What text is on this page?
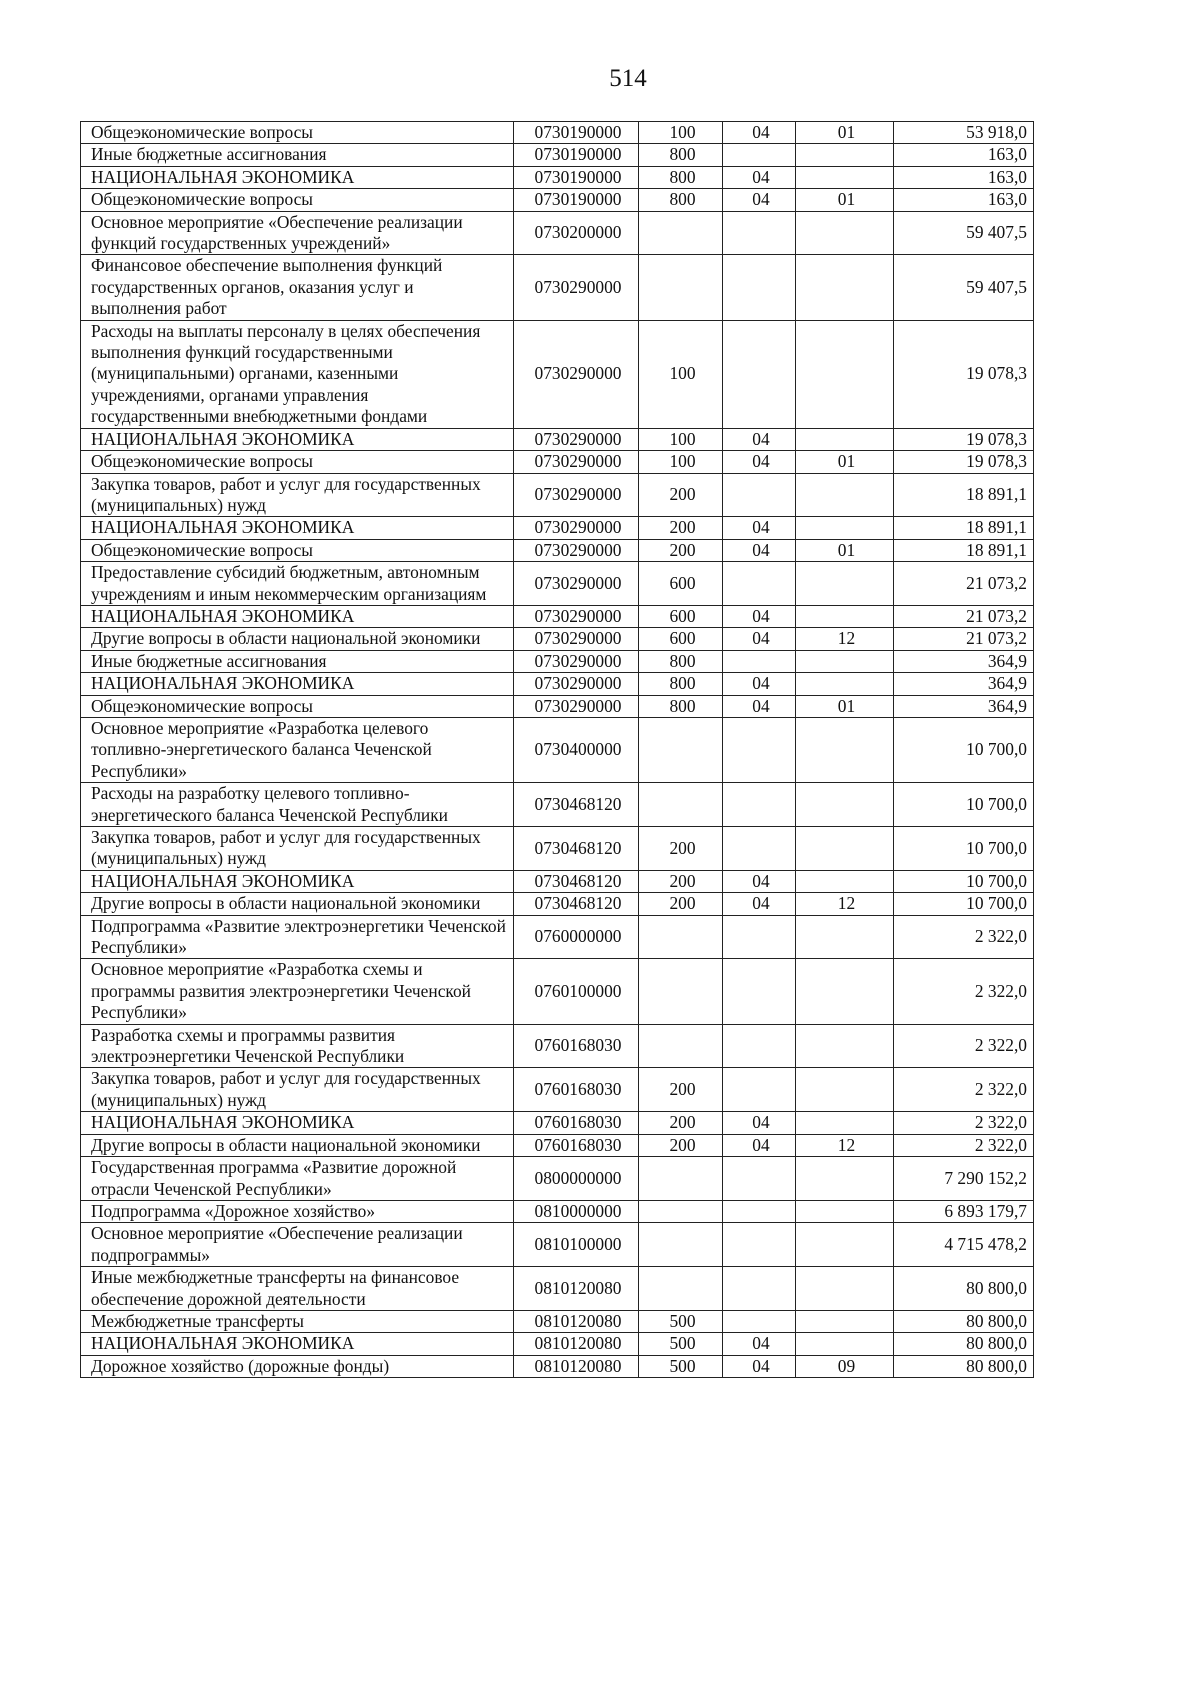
514
Общеэкономические вопросы	0730190000	100	04	01	53 918,0
Иные бюджетные ассигнования	0730190000	800			163,0
НАЦИОНАЛЬНАЯ ЭКОНОМИКА	0730190000	800	04		163,0
Общеэкономические вопросы	0730190000	800	04	01	163,0
Основное мероприятие «Обеспечение реализации функций государственных учреждений»	0730200000				59 407,5
Финансовое обеспечение выполнения функций государственных органов, оказания услуг и выполнения работ	0730290000				59 407,5
Расходы на выплаты персоналу в целях обеспечения выполнения функций государственными (муниципальными) органами, казенными учреждениями, органами управления государственными внебюджетными фондами	0730290000	100			19 078,3
НАЦИОНАЛЬНАЯ ЭКОНОМИКА	0730290000	100	04		19 078,3
Общеэкономические вопросы	0730290000	100	04	01	19 078,3
Закупка товаров, работ и услуг для государственных (муниципальных) нужд	0730290000	200			18 891,1
НАЦИОНАЛЬНАЯ ЭКОНОМИКА	0730290000	200	04		18 891,1
Общеэкономические вопросы	0730290000	200	04	01	18 891,1
Предоставление субсидий бюджетным, автономным учреждениям и иным некоммерческим организациям	0730290000	600			21 073,2
НАЦИОНАЛЬНАЯ ЭКОНОМИКА	0730290000	600	04		21 073,2
Другие вопросы в области национальной экономики	0730290000	600	04	12	21 073,2
Иные бюджетные ассигнования	0730290000	800			364,9
НАЦИОНАЛЬНАЯ ЭКОНОМИКА	0730290000	800	04		364,9
Общеэкономические вопросы	0730290000	800	04	01	364,9
Основное мероприятие «Разработка целевого топливно-энергетического баланса Чеченской Республики»	0730400000				10 700,0
Расходы на разработку целевого топливно-энергетического баланса Чеченской Республики	0730468120				10 700,0
Закупка товаров, работ и услуг для государственных (муниципальных) нужд	0730468120	200			10 700,0
НАЦИОНАЛЬНАЯ ЭКОНОМИКА	0730468120	200	04		10 700,0
Другие вопросы в области национальной экономики	0730468120	200	04	12	10 700,0
Подпрограмма «Развитие электроэнергетики Чеченской Республики»	0760000000				2 322,0
Основное мероприятие «Разработка схемы и программы развития электроэнергетики Чеченской Республики»	0760100000				2 322,0
Разработка схемы и программы развития электроэнергетики Чеченской Республики	0760168030				2 322,0
Закупка товаров, работ и услуг для государственных (муниципальных) нужд	0760168030	200			2 322,0
НАЦИОНАЛЬНАЯ ЭКОНОМИКА	0760168030	200	04		2 322,0
Другие вопросы в области национальной экономики	0760168030	200	04	12	2 322,0
Государственная программа «Развитие дорожной отрасли Чеченской Республики»	0800000000				7 290 152,2
Подпрограмма «Дорожное хозяйство»	0810000000				6 893 179,7
Основное мероприятие «Обеспечение реализации подпрограммы»	0810100000				4 715 478,2
Иные межбюджетные трансферты на финансовое обеспечение дорожной деятельности	0810120080				80 800,0
Межбюджетные трансферты	0810120080	500			80 800,0
НАЦИОНАЛЬНАЯ ЭКОНОМИКА	0810120080	500	04		80 800,0
Дорожное хозяйство (дорожные фонды)	0810120080	500	04	09	80 800,0
